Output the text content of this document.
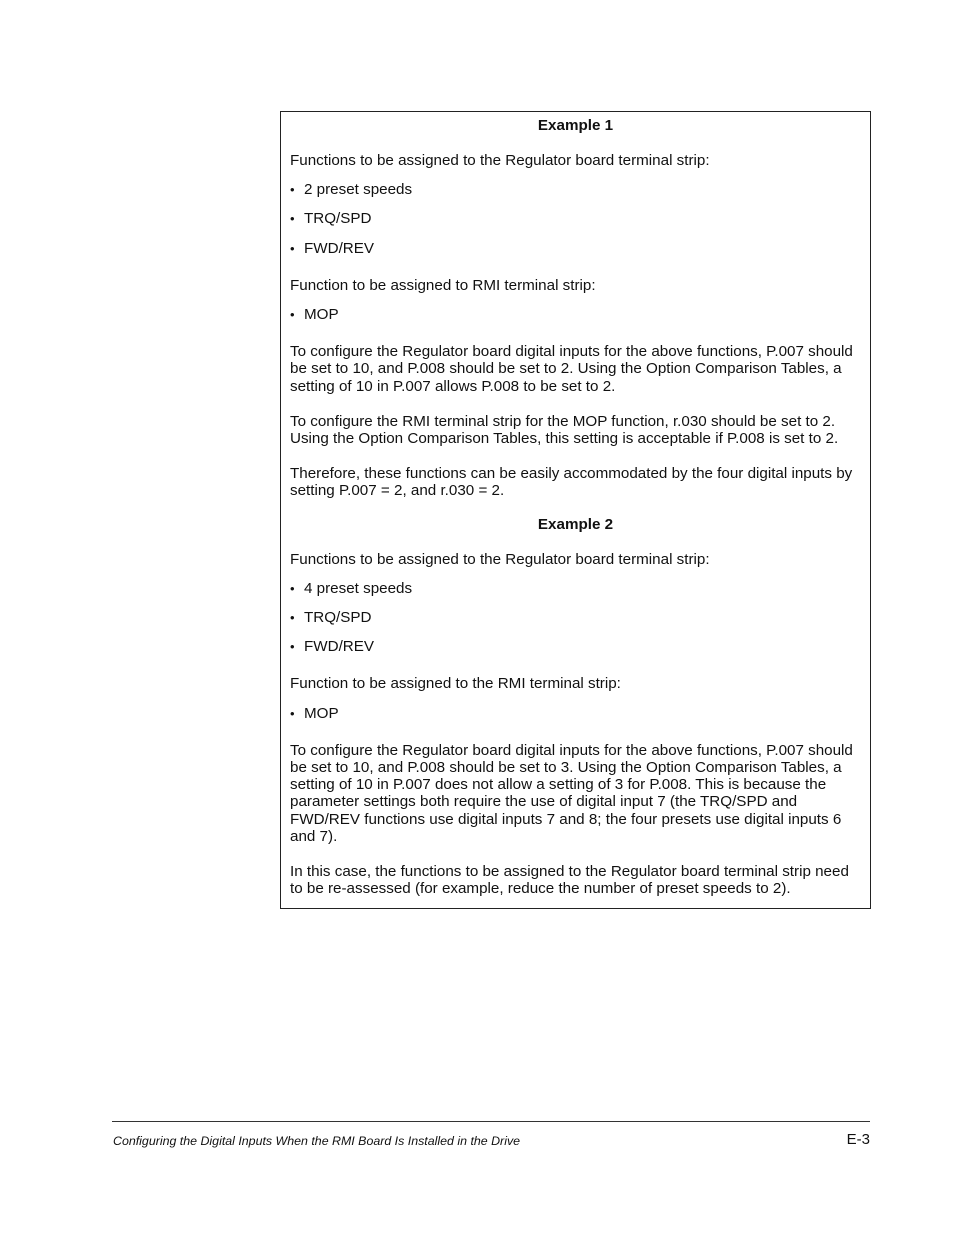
Example 1

Functions to be assigned to the Regulator board terminal strip:

• 2 preset speeds
• TRQ/SPD
• FWD/REV

Function to be assigned to RMI terminal strip:

• MOP

To configure the Regulator board digital inputs for the above functions, P.007 should be set to 10, and P.008 should be set to 2. Using the Option Comparison Tables, a setting of 10 in P.007 allows P.008 to be set to 2.

To configure the RMI terminal strip for the MOP function, r.030 should be set to 2. Using the Option Comparison Tables, this setting is acceptable if P.008 is set to 2.

Therefore, these functions can be easily accommodated by the four digital inputs by setting P.007 = 2, and r.030 = 2.

Example 2

Functions to be assigned to the Regulator board terminal strip:

• 4 preset speeds
• TRQ/SPD
• FWD/REV

Function to be assigned to the RMI terminal strip:

• MOP

To configure the Regulator board digital inputs for the above functions, P.007 should be set to 10, and P.008 should be set to 3. Using the Option Comparison Tables, a setting of 10 in P.007 does not allow a setting of 3 for P.008. This is because the parameter settings both require the use of digital input 7 (the TRQ/SPD and FWD/REV functions use digital inputs 7 and 8; the four presets use digital inputs 6 and 7).

In this case, the functions to be assigned to the Regulator board terminal strip need to be re-assessed (for example, reduce the number of preset speeds to 2).

Configuring the Digital Inputs When the RMI Board Is Installed in the Drive	E-3
